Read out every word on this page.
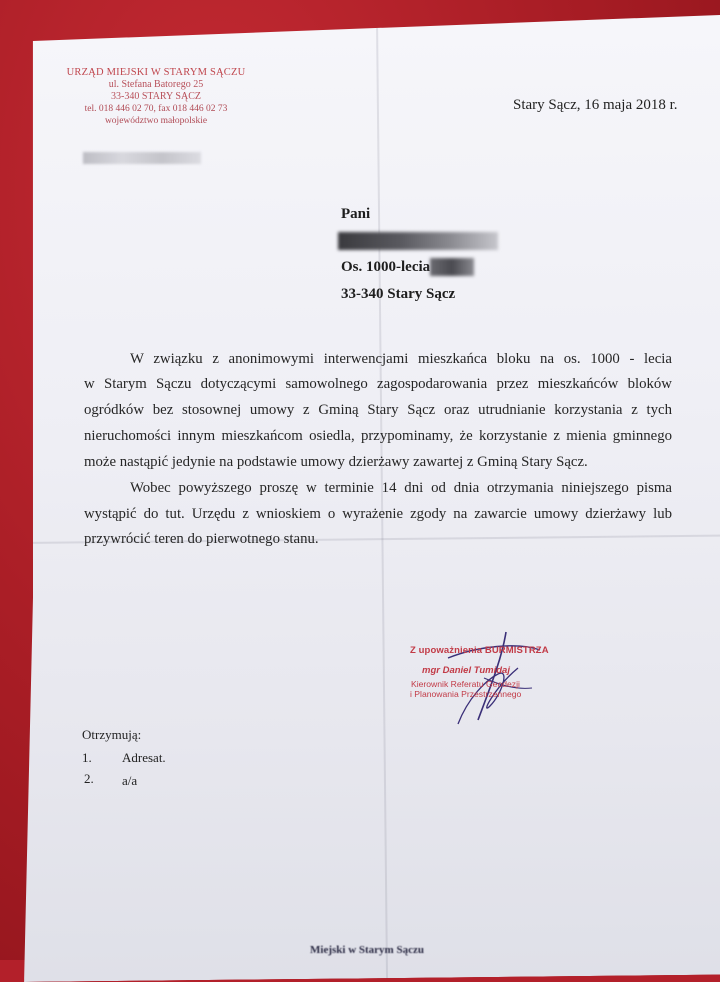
URZĄD MIEJSKI W STARYM SĄCZU
ul. Stefana Batorego 25
33-340 STARY SĄCZ
tel. 018 446 02 70, fax 018 446 02 73
województwo małopolskie
Stary Sącz, 16 maja 2018 r.
Pani
Os. 1000-lecia
33-340 Stary Sącz
W związku z anonimowymi interwencjami mieszkańca bloku na os. 1000 - lecia
w Starym Sączu dotyczącymi samowolnego zagospodarowania przez mieszkańców bloków
ogródków bez stosownej umowy z Gminą Stary Sącz oraz utrudnianie korzystania z tych
nieruchomości innym mieszkańcom osiedla, przypominamy, że korzystanie z mienia gminnego
może nastąpić jedynie na podstawie umowy dzierżawy zawartej z Gminą Stary Sącz.
Wobec powyższego proszę w terminie 14 dni od dnia otrzymania niniejszego pisma
wystąpić do tut. Urzędu z wnioskiem o wyrażenie zgody na zawarcie umowy dzierżawy lub
przywrócić teren do pierwotnego stanu.
Z upoważnienia BURMISTRZA
mgr Daniel Tumidaj
Kierownik Referatu Geodezji
i Planowania Przestrzennego
Otrzymują:
1. Adresat.
2. a/a
Miejski w Starym Sączu
